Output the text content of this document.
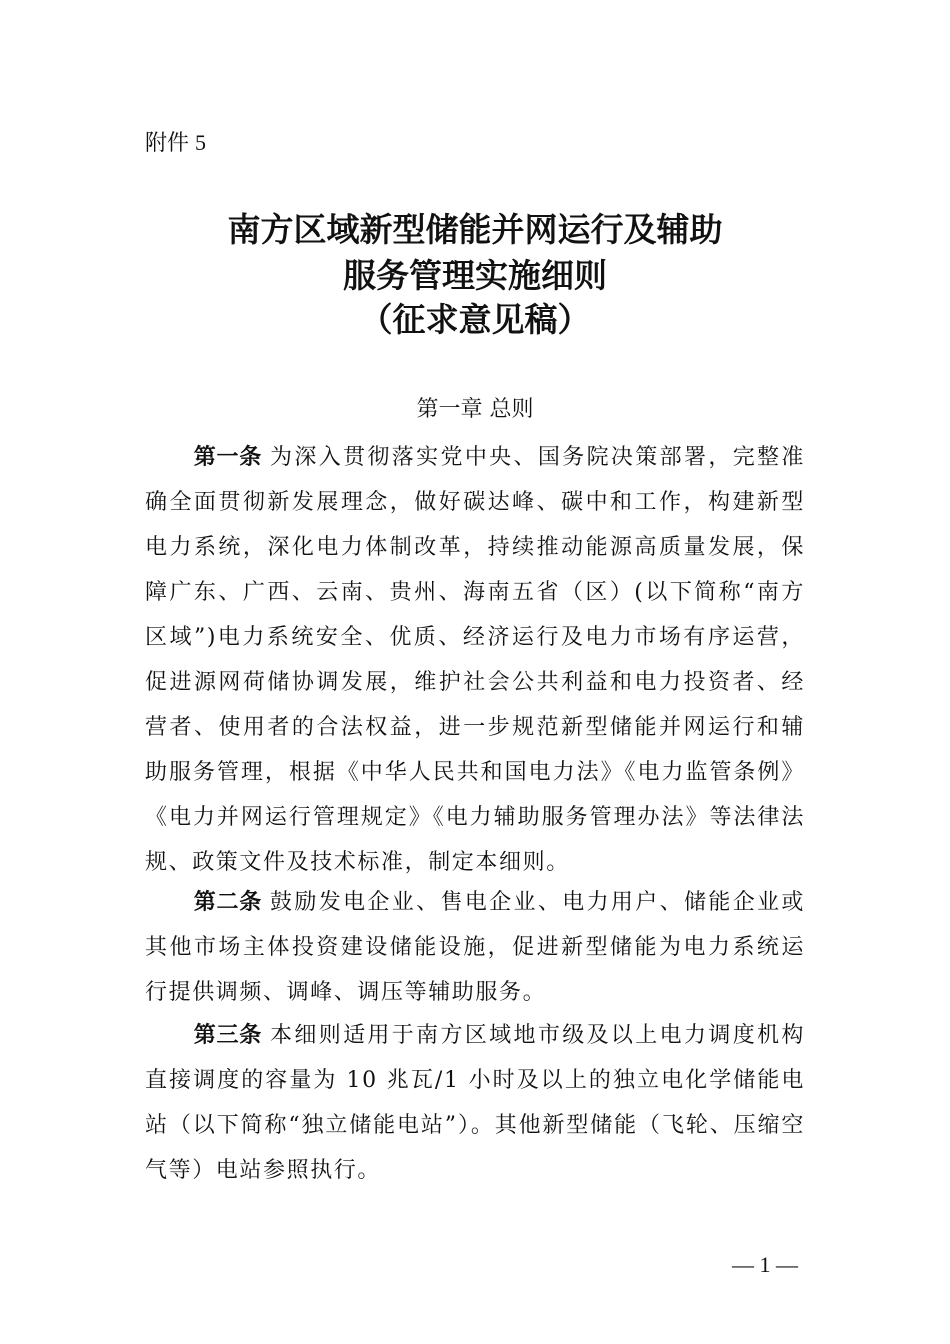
附件 5
南方区域新型储能并网运行及辅助
服务管理实施细则
（征求意见稿）
第一章 总则
第一条 为深入贯彻落实党中央、国务院决策部署，完整准确全面贯彻新发展理念，做好碳达峰、碳中和工作，构建新型电力系统，深化电力体制改革，持续推动能源高质量发展，保障广东、广西、云南、贵州、海南五省（区）(以下简称“南方区域”)电力系统安全、优质、经济运行及电力市场有序运营，促进源网荷储协调发展，维护社会公共利益和电力投资者、经营者、使用者的合法权益，进一步规范新型储能并网运行和辅助服务管理，根据《中华人民共和国电力法》《电力监管条例》《电力并网运行管理规定》《电力辅助服务管理办法》等法律法规、政策文件及技术标准，制定本细则。
第二条 鼓励发电企业、售电企业、电力用户、储能企业或其他市场主体投资建设储能设施，促进新型储能为电力系统运行提供调频、调峰、调压等辅助服务。
第三条 本细则适用于南方区域地市级及以上电力调度机构直接调度的容量为 10 兆瓦/1 小时及以上的独立电化学储能电站（以下简称“独立储能电站”）。其他新型储能（飞轮、压缩空气等）电站参照执行。
— 1 —
